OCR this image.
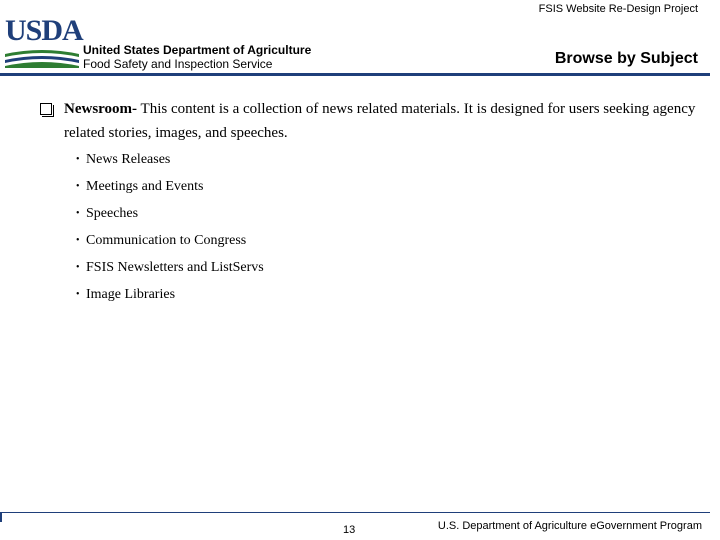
FSIS Website Re-Design Project
USDA
United States Department of Agriculture
Food Safety and Inspection Service	Browse by Subject
Newsroom- This content is a collection of news related materials. It is designed for users seeking agency related stories, images, and speeches.
• News Releases
• Meetings and Events
• Speeches
• Communication to Congress
• FSIS Newsletters and ListServs
• Image Libraries
13	U.S. Department of Agriculture eGovernment Program
